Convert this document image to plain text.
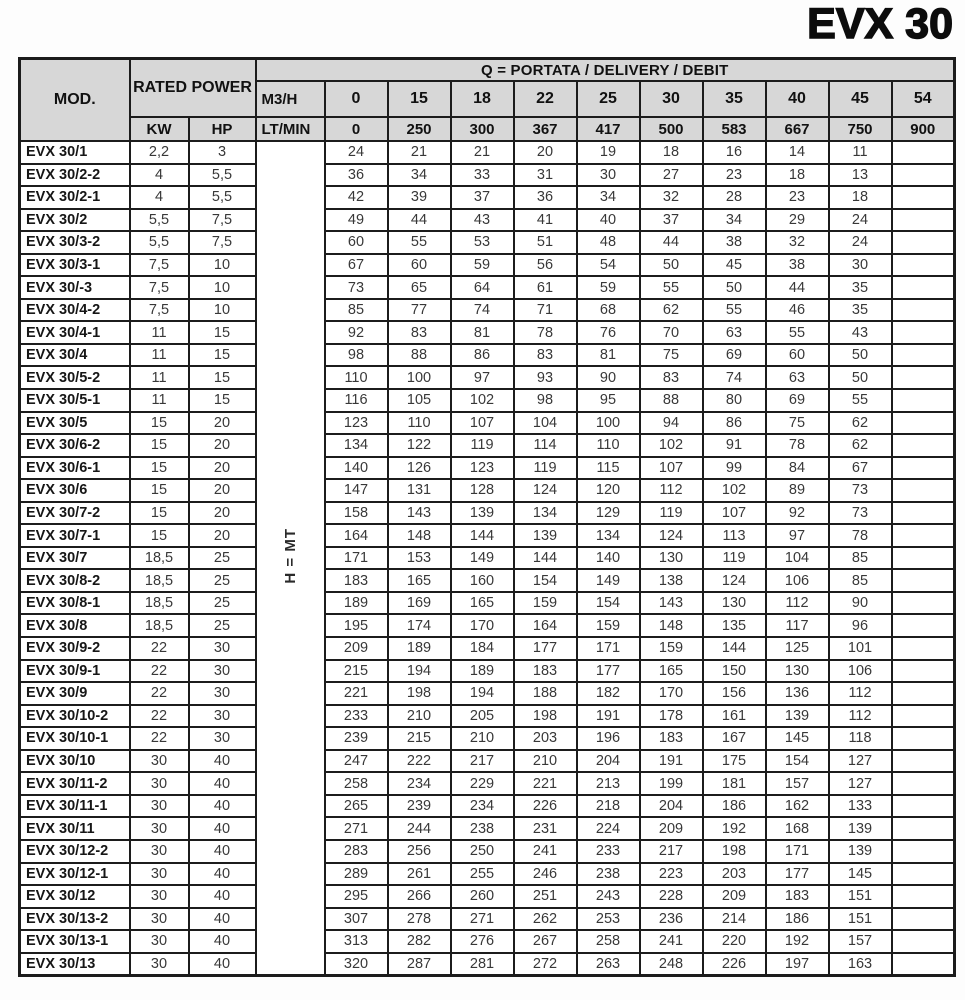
EVX 30
MOD.	RATED POWER		Q = PORTATA / DELIVERY / DEBIT										
			M3/H	0	15	18	22	25	30	35	40	45	54
	KW	HP	LT/MIN	0	250	300	367	417	500	583	667	750	900
EVX 30/1	2,2	3	H = MT	24	21	21	20	19	18	16	14	11	
EVX 30/2-2	4	5,5		36	34	33	31	30	27	23	18	13	
EVX 30/2-1	4	5,5		42	39	37	36	34	32	28	23	18	
EVX 30/2	5,5	7,5		49	44	43	41	40	37	34	29	24	
EVX 30/3-2	5,5	7,5		60	55	53	51	48	44	38	32	24	
EVX 30/3-1	7,5	10		67	60	59	56	54	50	45	38	30	
EVX 30/-3	7,5	10		73	65	64	61	59	55	50	44	35	
EVX 30/4-2	7,5	10		85	77	74	71	68	62	55	46	35	
EVX 30/4-1	11	15		92	83	81	78	76	70	63	55	43	
EVX 30/4	11	15		98	88	86	83	81	75	69	60	50	
EVX 30/5-2	11	15		110	100	97	93	90	83	74	63	50	
EVX 30/5-1	11	15		116	105	102	98	95	88	80	69	55	
EVX 30/5	15	20		123	110	107	104	100	94	86	75	62	
EVX 30/6-2	15	20		134	122	119	114	110	102	91	78	62	
EVX 30/6-1	15	20		140	126	123	119	115	107	99	84	67	
EVX 30/6	15	20		147	131	128	124	120	112	102	89	73	
EVX 30/7-2	15	20		158	143	139	134	129	119	107	92	73	
EVX 30/7-1	15	20		164	148	144	139	134	124	113	97	78	
EVX 30/7	18,5	25		171	153	149	144	140	130	119	104	85	
EVX 30/8-2	18,5	25		183	165	160	154	149	138	124	106	85	
EVX 30/8-1	18,5	25		189	169	165	159	154	143	130	112	90	
EVX 30/8	18,5	25		195	174	170	164	159	148	135	117	96	
EVX 30/9-2	22	30		209	189	184	177	171	159	144	125	101	
EVX 30/9-1	22	30		215	194	189	183	177	165	150	130	106	
EVX 30/9	22	30		221	198	194	188	182	170	156	136	112	
EVX 30/10-2	22	30		233	210	205	198	191	178	161	139	112	
EVX 30/10-1	22	30		239	215	210	203	196	183	167	145	118	
EVX 30/10	30	40		247	222	217	210	204	191	175	154	127	
EVX 30/11-2	30	40		258	234	229	221	213	199	181	157	127	
EVX 30/11-1	30	40		265	239	234	226	218	204	186	162	133	
EVX 30/11	30	40		271	244	238	231	224	209	192	168	139	
EVX 30/12-2	30	40		283	256	250	241	233	217	198	171	139	
EVX 30/12-1	30	40		289	261	255	246	238	223	203	177	145	
EVX 30/12	30	40		295	266	260	251	243	228	209	183	151	
EVX 30/13-2	30	40		307	278	271	262	253	236	214	186	151	
EVX 30/13-1	30	40		313	282	276	267	258	241	220	192	157	
EVX 30/13	30	40		320	287	281	272	263	248	226	197	163	
